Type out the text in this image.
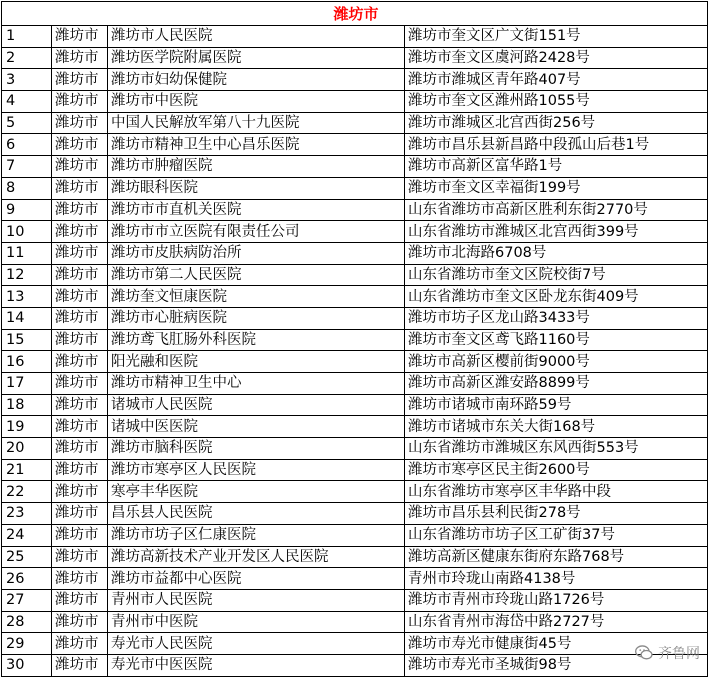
潍坊市			
1	潍坊市	潍坊市人民医院	潍坊市奎文区广文街151号
2	潍坊市	潍坊医学院附属医院	潍坊市奎文区虞河路2428号
3	潍坊市	潍坊市妇幼保健院	潍坊市潍城区青年路407号
4	潍坊市	潍坊市中医院	潍坊市奎文区潍州路1055号
5	潍坊市	中国人民解放军第八十九医院	潍坊市潍城区北宫西街256号
6	潍坊市	潍坊市精神卫生中心昌乐医院	潍坊市昌乐县新昌路中段孤山后巷1号
7	潍坊市	潍坊市肿瘤医院	潍坊市高新区富华路1号
8	潍坊市	潍坊眼科医院	潍坊市奎文区幸福街199号
9	潍坊市	潍坊市市直机关医院	山东省潍坊市高新区胜利东街2770号
10	潍坊市	潍坊市市立医院有限责任公司	山东省潍坊市潍城区北宫西街399号
11	潍坊市	潍坊市皮肤病防治所	潍坊市北海路6708号
12	潍坊市	潍坊市第二人民医院	山东省潍坊市奎文区院校街7号
13	潍坊市	潍坊奎文恒康医院	山东省潍坊市奎文区卧龙东街409号
14	潍坊市	潍坊市心脏病医院	潍坊市坊子区龙山路3433号
15	潍坊市	潍坊鸢飞肛肠外科医院	潍坊市奎文区鸢飞路1160号
16	潍坊市	阳光融和医院	潍坊市高新区樱前街9000号
17	潍坊市	潍坊市精神卫生中心	潍坊市高新区潍安路8899号
18	潍坊市	诸城市人民医院	潍坊市诸城市南环路59号
19	潍坊市	诸城中医医院	潍坊市诸城市东关大街168号
20	潍坊市	潍坊市脑科医院	山东省潍坊市潍城区东风西街553号
21	潍坊市	潍坊市寒亭区人民医院	潍坊市寒亭区民主街2600号
22	潍坊市	寒亭丰华医院	山东省潍坊市寒亭区丰华路中段
23	潍坊市	昌乐县人民医院	潍坊市昌乐县利民街278号
24	潍坊市	潍坊市坊子区仁康医院	山东省潍坊市坊子区工矿街37号
25	潍坊市	潍坊高新技术产业开发区人民医院	潍坊高新区健康东街府东路768号
26	潍坊市	潍坊市益都中心医院	青州市玲珑山南路4138号
27	潍坊市	青州市人民医院	潍坊市青州市玲珑山路1726号
28	潍坊市	青州市中医院	山东省青州市海岱中路2727号
29	潍坊市	寿光市人民医院	潍坊市寿光市健康街45号
30	潍坊市	寿光市中医医院	潍坊市寿光市圣城街98号
齐鲁网
